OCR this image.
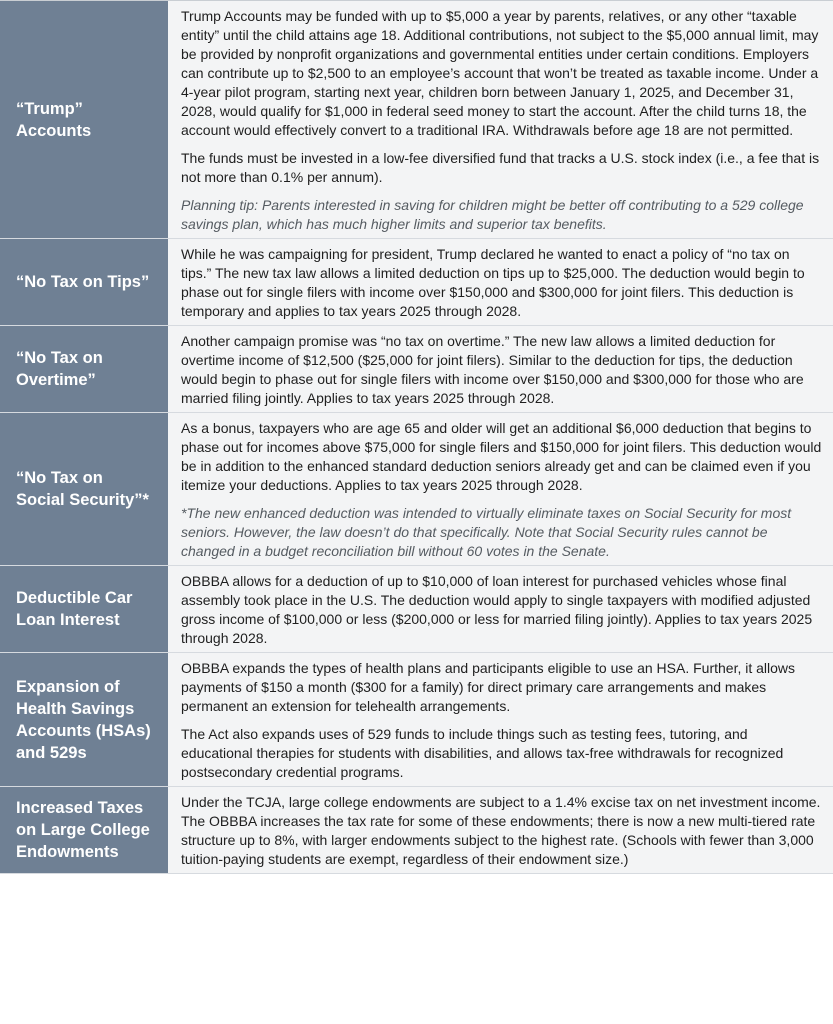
“Trump” Accounts

Trump Accounts may be funded with up to $5,000 a year by parents, relatives, or any other “taxable entity” until the child attains age 18. Additional contributions, not subject to the $5,000 annual limit, may be provided by nonprofit organizations and governmental entities under certain conditions. Employers can contribute up to $2,500 to an employee’s account that won’t be treated as taxable income. Under a 4-year pilot program, starting next year, children born between January 1, 2025, and December 31, 2028, would qualify for $1,000 in federal seed money to start the account. After the child turns 18, the account would effectively convert to a traditional IRA. Withdrawals before age 18 are not permitted.

The funds must be invested in a low-fee diversified fund that tracks a U.S. stock index (i.e., a fee that is not more than 0.1% per annum).

Planning tip: Parents interested in saving for children might be better off contributing to a 529 college savings plan, which has much higher limits and superior tax benefits.

“No Tax on Tips”

While he was campaigning for president, Trump declared he wanted to enact a policy of “no tax on tips.” The new tax law allows a limited deduction on tips up to $25,000. The deduction would begin to phase out for single filers with income over $150,000 and $300,000 for joint filers. This deduction is temporary and applies to tax years 2025 through 2028.

“No Tax on Overtime”

Another campaign promise was “no tax on overtime.” The new law allows a limited deduction for overtime income of $12,500 ($25,000 for joint filers). Similar to the deduction for tips, the deduction would begin to phase out for single filers with income over $150,000 and $300,000 for those who are married filing jointly. Applies to tax years 2025 through 2028.

“No Tax on Social Security”*

As a bonus, taxpayers who are age 65 and older will get an additional $6,000 deduction that begins to phase out for incomes above $75,000 for single filers and $150,000 for joint filers. This deduction would be in addition to the enhanced standard deduction seniors already get and can be claimed even if you itemize your deductions. Applies to tax years 2025 through 2028.

*The new enhanced deduction was intended to virtually eliminate taxes on Social Security for most seniors. However, the law doesn’t do that specifically. Note that Social Security rules cannot be changed in a budget reconciliation bill without 60 votes in the Senate.

Deductible Car Loan Interest

OBBBA allows for a deduction of up to $10,000 of loan interest for purchased vehicles whose final assembly took place in the U.S. The deduction would apply to single taxpayers with modified adjusted gross income of $100,000 or less ($200,000 or less for married filing jointly). Applies to tax years 2025 through 2028.

Expansion of Health Savings Accounts (HSAs) and 529s

OBBBA expands the types of health plans and participants eligible to use an HSA. Further, it allows payments of $150 a month ($300 for a family) for direct primary care arrangements and makes permanent an extension for telehealth arrangements.

The Act also expands uses of 529 funds to include things such as testing fees, tutoring, and educational therapies for students with disabilities, and allows tax-free withdrawals for recognized postsecondary credential programs.

Increased Taxes on Large College Endowments

Under the TCJA, large college endowments are subject to a 1.4% excise tax on net investment income. The OBBBA increases the tax rate for some of these endowments; there is now a new multi-tiered rate structure up to 8%, with larger endowments subject to the highest rate. (Schools with fewer than 3,000 tuition-paying students are exempt, regardless of their endowment size.)
